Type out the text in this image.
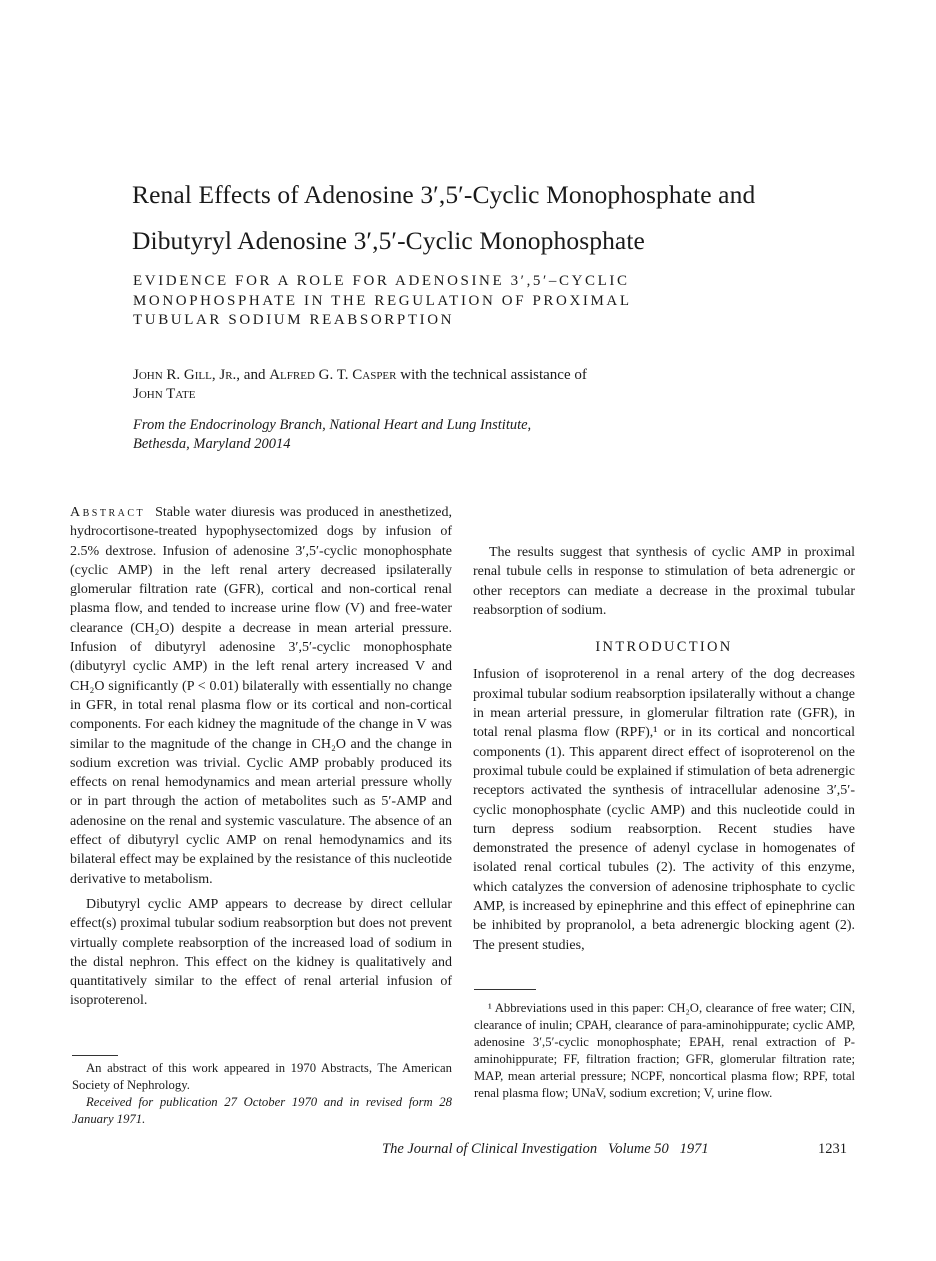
Renal Effects of Adenosine 3′,5′-Cyclic Monophosphate and
Dibutyryl Adenosine 3′,5′-Cyclic Monophosphate
EVIDENCE FOR A ROLE FOR ADENOSINE 3′,5′–CYCLIC
MONOPHOSPHATE IN THE REGULATION OF PROXIMAL
TUBULAR SODIUM REABSORPTION
John R. Gill, Jr., and Alfred G. T. Casper with the technical assistance of
John Tate
From the Endocrinology Branch, National Heart and Lung Institute,
Bethesda, Maryland 20014

Abstract Stable water diuresis was produced in anesthetized, hydrocortisone-treated hypophysectomized dogs by infusion of 2.5% dextrose. Infusion of adenosine 3′,5′-cyclic monophosphate (cyclic AMP) in the left renal artery decreased ipsilaterally glomerular filtration rate (GFR), cortical and non-cortical renal plasma flow, and tended to increase urine flow (V) and free-water clearance (CH₂O) despite a decrease in mean arterial pressure. Infusion of dibutyryl adenosine 3′,5′-cyclic monophosphate (dibutyryl cyclic AMP) in the left renal artery increased V and CH₂O significantly (P < 0.01) bilaterally with essentially no change in GFR, in total renal plasma flow or its cortical and non-cortical components. For each kidney the magnitude of the change in V was similar to the magnitude of the change in CH₂O and the change in sodium excretion was trivial. Cyclic AMP probably produced its effects on renal hemodynamics and mean arterial pressure wholly or in part through the action of metabolites such as 5′-AMP and adenosine on the renal and systemic vasculature. The absence of an effect of dibutyryl cyclic AMP on renal hemodynamics and its bilateral effect may be explained by the resistance of this nucleotide derivative to metabolism.

Dibutyryl cyclic AMP appears to decrease by direct cellular effect(s) proximal tubular sodium reabsorption but does not prevent virtually complete reabsorption of the increased load of sodium in the distal nephron. This effect on the kidney is qualitatively and quantitatively similar to the effect of renal arterial infusion of isoproterenol.

The results suggest that synthesis of cyclic AMP in proximal renal tubule cells in response to stimulation of beta adrenergic or other receptors can mediate a decrease in the proximal tubular reabsorption of sodium.

INTRODUCTION

Infusion of isoproterenol in a renal artery of the dog decreases proximal tubular sodium reabsorption ipsilaterally without a change in mean arterial pressure, in glomerular filtration rate (GFR), in total renal plasma flow (RPF),¹ or in its cortical and noncortical components (1). This apparent direct effect of isoproterenol on the proximal tubule could be explained if stimulation of beta adrenergic receptors activated the synthesis of intracellular adenosine 3′,5′-cyclic monophosphate (cyclic AMP) and this nucleotide could in turn depress sodium reabsorption. Recent studies have demonstrated the presence of adenyl cyclase in homogenates of isolated renal cortical tubules (2). The activity of this enzyme, which catalyzes the conversion of adenosine triphosphate to cyclic AMP, is increased by epinephrine and this effect of epinephrine can be inhibited by propranolol, a beta adrenergic blocking agent (2). The present studies,

An abstract of this work appeared in 1970 Abstracts, The American Society of Nephrology.

Received for publication 27 October 1970 and in revised form 28 January 1971.

¹ Abbreviations used in this paper: CH₂O, clearance of free water; CIN, clearance of inulin; CPAH, clearance of para-aminohippurate; cyclic AMP, adenosine 3′,5′-cyclic monophosphate; EPAH, renal extraction of P-aminohippurate; FF, filtration fraction; GFR, glomerular filtration rate; MAP, mean arterial pressure; NCPF, noncortical plasma flow; RPF, total renal plasma flow; UNaV, sodium excretion; V, urine flow.

The Journal of Clinical Investigation   Volume 50   1971	1231
